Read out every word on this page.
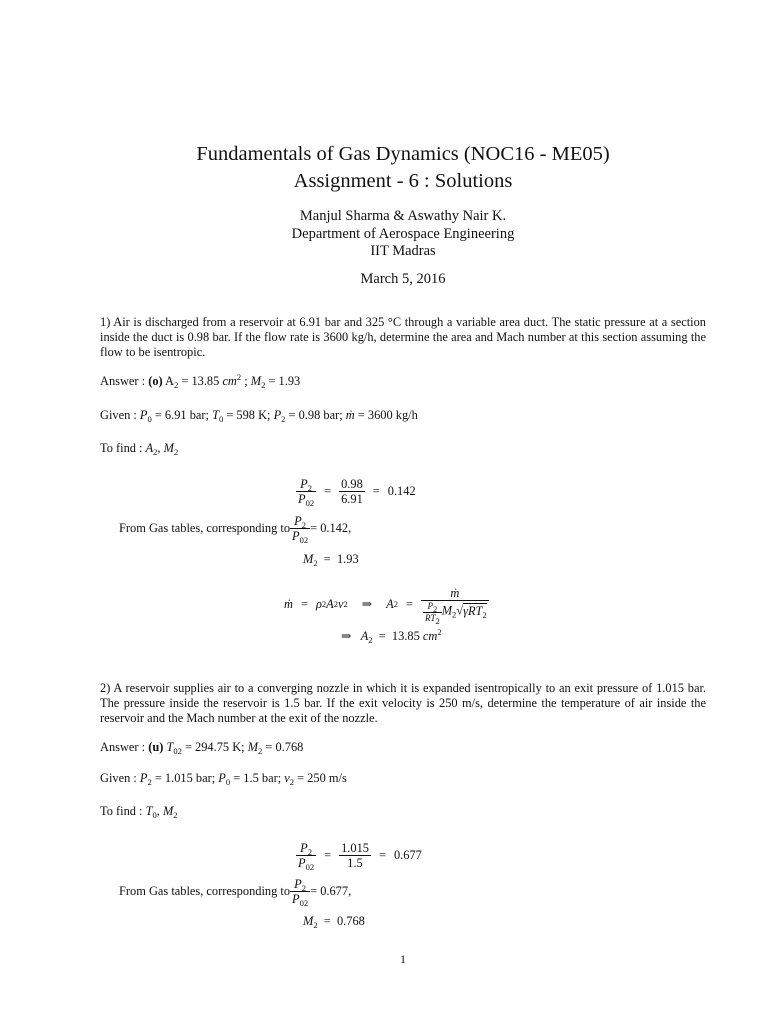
Fundamentals of Gas Dynamics (NOC16 - ME05)
Assignment - 6 : Solutions
Manjul Sharma & Aswathy Nair K.
Department of Aerospace Engineering
IIT Madras
March 5, 2016
1) Air is discharged from a reservoir at 6.91 bar and 325 °C through a variable area duct. The static pressure at a section inside the duct is 0.98 bar. If the flow rate is 3600 kg/h, determine the area and Mach number at this section assuming the flow to be isentropic.
Answer : (o) $A_2 = 13.85$ $cm^2$ ; $M_2 = 1.93$
Given : $P_0 = 6.91$ bar; $T_0 = 598$ K; $P_2 = 0.98$ bar; ṁ = 3600 kg/h
To find : $A_2$, $M_2$
$\frac{P_2}{P_{02}} = \frac{0.98}{6.91} = 0.142$
From Gas tables, corresponding to $\frac{P_2}{P_{02}} = 0.142$,
$M_2 = 1.93$
ṁ = ρ 2 A 2 v 2 ⇒ A $2 = \frac{\text{ṁ}}{\frac{P_2}{RT_2} M_2√\gamma RT_2}$
⇒   $A_2 = 13.85$ $cm^2$
2) A reservoir supplies air to a converging nozzle in which it is expanded isentropically to an exit pressure of 1.015 bar. The pressure inside the reservoir is 1.5 bar. If the exit velocity is 250 m/s, determine the temperature of air inside the reservoir and the Mach number at the exit of the nozzle.
Answer : (u) $T_{02} = 294.75$ K; $M_2 = 0.768$
Given : $P_2 = 1.015$ bar; $P_0 = 1.5$ bar; $v_2 = 250$ m/s
To find : $T_0$, $M_2$
$\frac{P_2}{P_{02}} = \frac{1.015}{1.5} = 0.677$
From Gas tables, corresponding to $\frac{P_2}{P_{02}} = 0.677$,
$M_2 = 0.768$
1
